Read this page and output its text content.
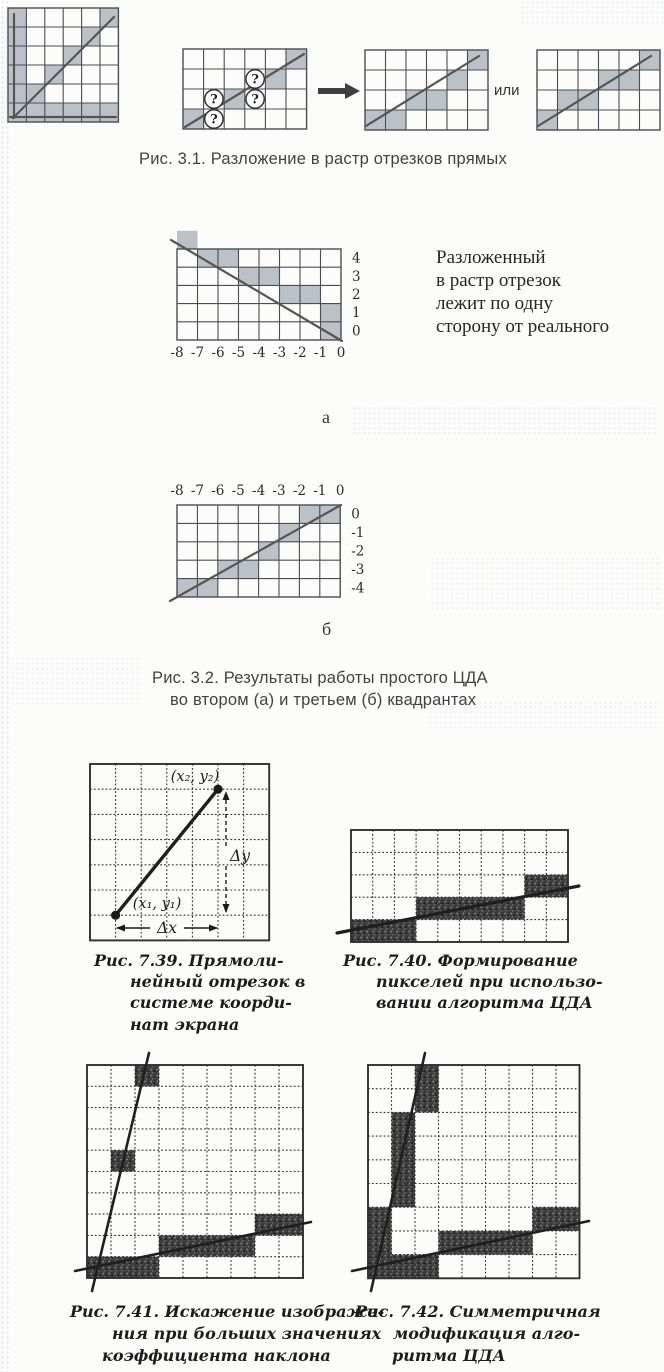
?
?	?
?
-8 -7 -6 -5 -4 -3 -2 -1 0
4
3
2
1
0
-8 -7 -6 -5 -4 -3 -2 -1 0
0
-1
-2
-3
-4
(x₂, y₂)
(x₁, y₁)
Δy
Δx
или
Рис. 3.1. Разложение в растр отрезков прямых
Разложенный
в растр отрезок
лежит по одну
сторону от реального
а
б
Рис. 3.2. Результаты работы простого ЦДА
во втором (а) и третьем (б) квадрантах
Рис. 7.39. Прямоли-
нейный отрезок в
системе коорди-
нат экрана
Рис. 7.40. Формирование
пикселей при использо-
вании алгоритма ЦДА
Рис. 7.41. Искажение изображе-
ния при больших значениях
коэффициента наклона
Рис. 7.42. Симметричная
модификация алго-
ритма ЦДА
